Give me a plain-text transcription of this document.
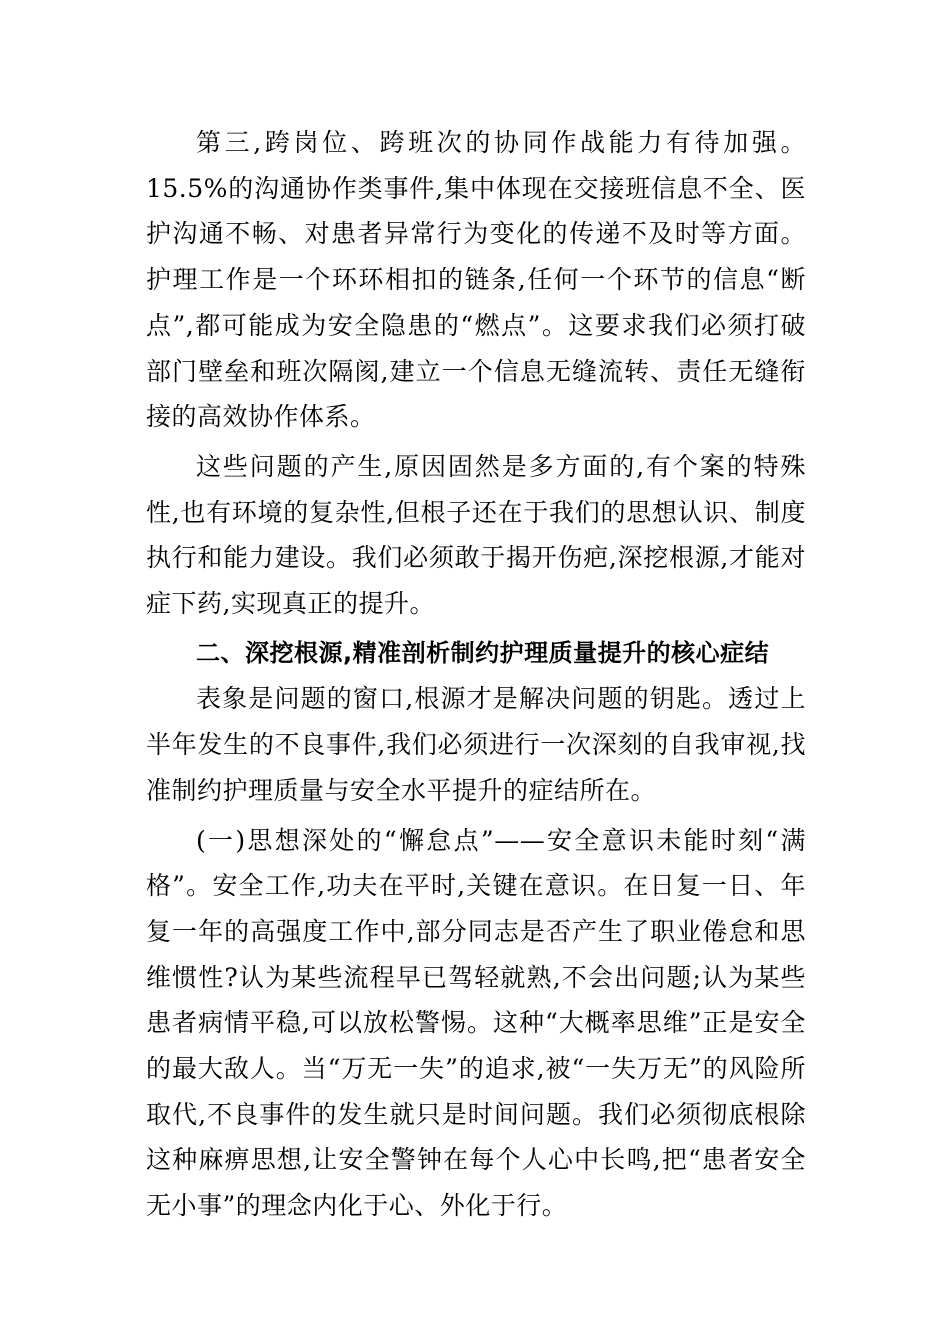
第三,跨岗位、跨班次的协同作战能力有待加强。15.5%的沟通协作类事件,集中体现在交接班信息不全、医护沟通不畅、对患者异常行为变化的传递不及时等方面。护理工作是一个环环相扣的链条,任何一个环节的信息“断点”,都可能成为安全隐患的“燃点”。这要求我们必须打破部门壁垒和班次隔阂,建立一个信息无缝流转、责任无缝衔接的高效协作体系。

这些问题的产生,原因固然是多方面的,有个案的特殊性,也有环境的复杂性,但根子还在于我们的思想认识、制度执行和能力建设。我们必须敢于揭开伤疤,深挖根源,才能对症下药,实现真正的提升。

二、深挖根源,精准剖析制约护理质量提升的核心症结

表象是问题的窗口,根源才是解决问题的钥匙。透过上半年发生的不良事件,我们必须进行一次深刻的自我审视,找准制约护理质量与安全水平提升的症结所在。

(一)思想深处的“懈怠点”——安全意识未能时刻“满格”。安全工作,功夫在平时,关键在意识。在日复一日、年复一年的高强度工作中,部分同志是否产生了职业倦怠和思维惯性?认为某些流程早已驾轻就熟,不会出问题;认为某些患者病情平稳,可以放松警惕。这种“大概率思维”正是安全的最大敌人。当“万无一失”的追求,被“一失万无”的风险所取代,不良事件的发生就只是时间问题。我们必须彻底根除这种麻痹思想,让安全警钟在每个人心中长鸣,把“患者安全无小事”的理念内化于心、外化于行。
